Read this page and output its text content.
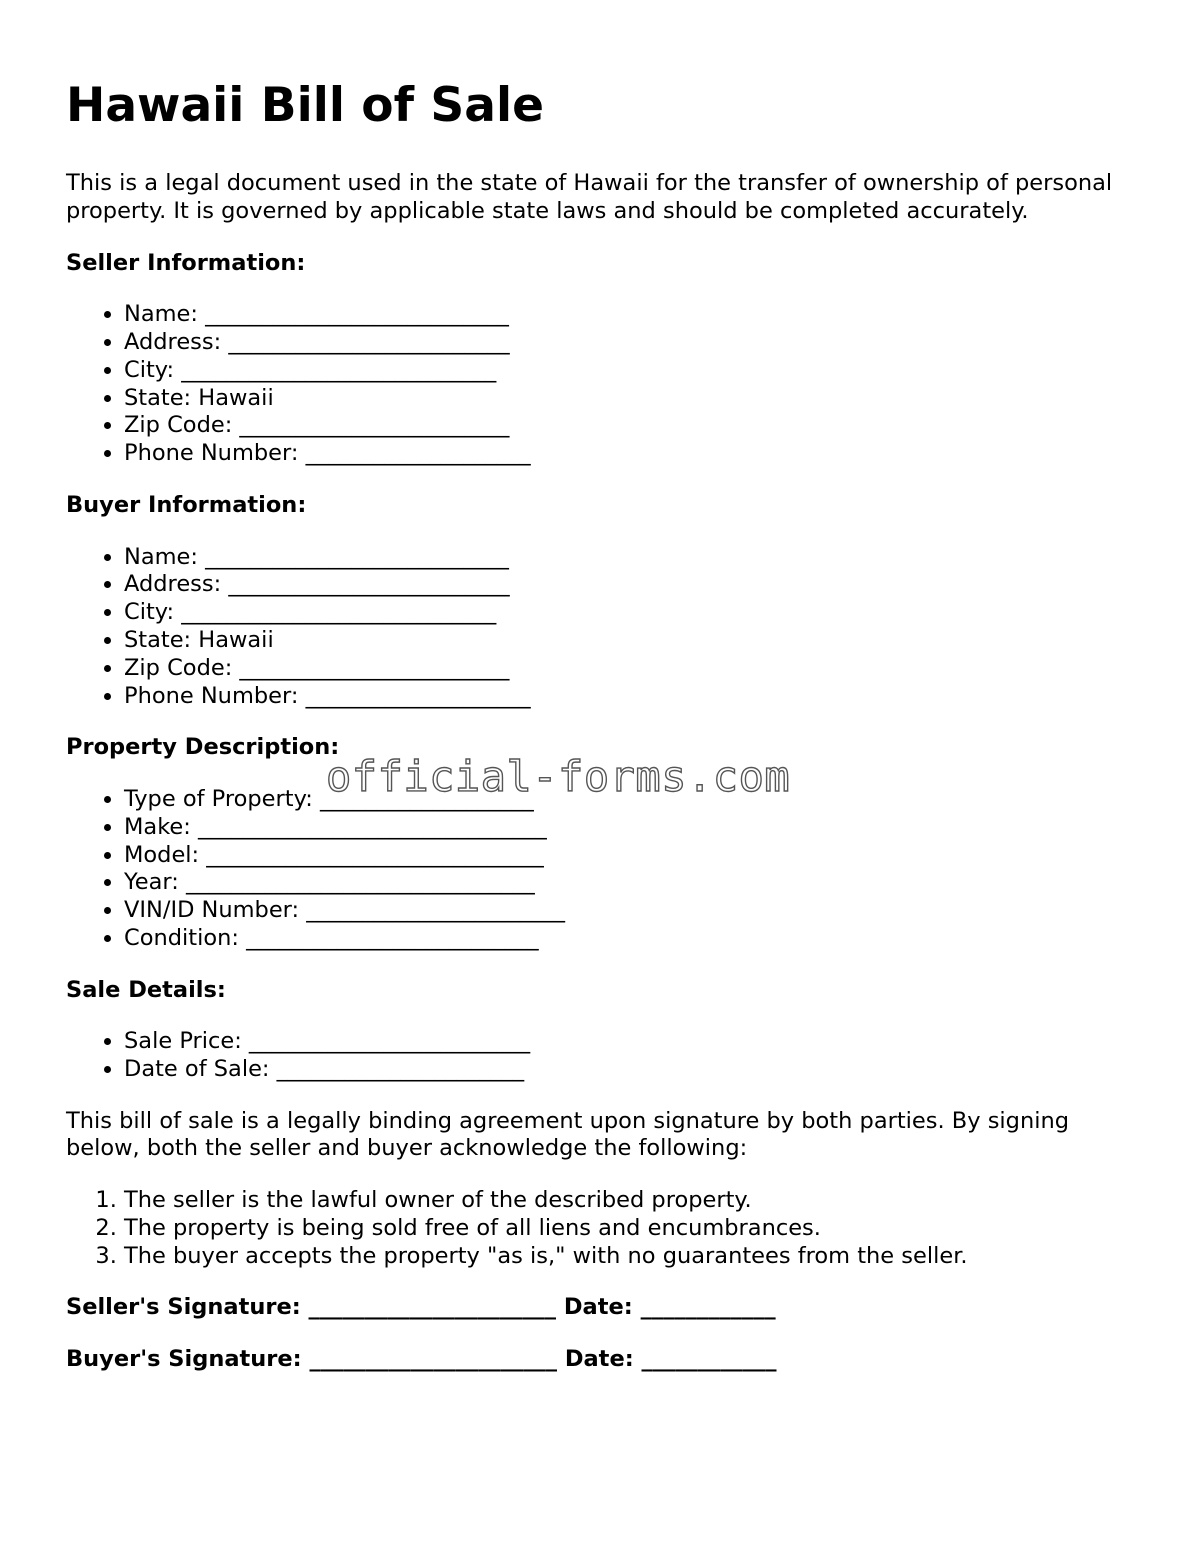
Hawaii Bill of Sale

This is a legal document used in the state of Hawaii for the transfer of ownership of personal property. It is governed by applicable state laws and should be completed accurately.

Seller Information:
• Name: ___________________________
• Address: _________________________
• City: ____________________________
• State: Hawaii
• Zip Code: ________________________
• Phone Number: ____________________
Buyer Information:
• Name: ___________________________
• Address: _________________________
• City: ____________________________
• State: Hawaii
• Zip Code: ________________________
• Phone Number: ____________________
Property Description:
• Type of Property: ___________________
• Make: _______________________________
• Model: ______________________________
• Year: _______________________________
• VIN/ID Number: _______________________
• Condition: __________________________
Sale Details:
• Sale Price: _________________________
• Date of Sale: ______________________

This bill of sale is a legally binding agreement upon signature by both parties. By signing below, both the seller and buyer acknowledge the following:

1. The seller is the lawful owner of the described property.
2. The property is being sold free of all liens and encumbrances.
3. The buyer accepts the property "as is," with no guarantees from the seller.
Seller's Signature: ______________________ Date: ____________
Buyer's Signature: ______________________ Date: ____________
official-forms.com
